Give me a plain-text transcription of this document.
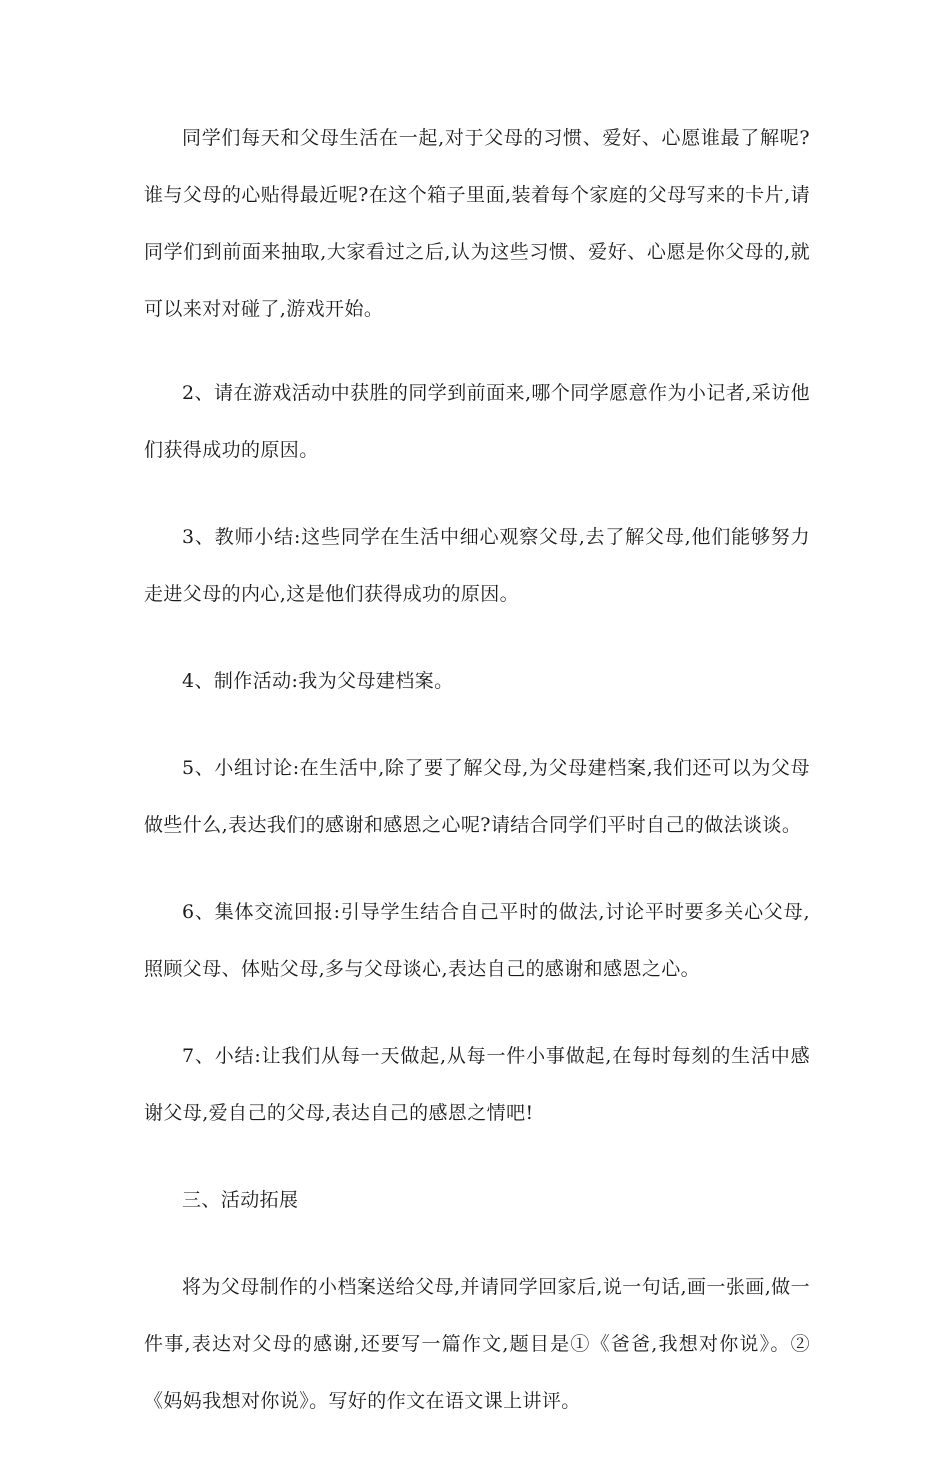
同学们每天和父母生活在一起,对于父母的习惯、爱好、心愿谁最了解呢?谁与父母的心贴得最近呢?在这个箱子里面,装着每个家庭的父母写来的卡片,请同学们到前面来抽取,大家看过之后,认为这些习惯、爱好、心愿是你父母的,就可以来对对碰了,游戏开始。

2、请在游戏活动中获胜的同学到前面来,哪个同学愿意作为小记者,采访他们获得成功的原因。

3、教师小结:这些同学在生活中细心观察父母,去了解父母,他们能够努力走进父母的内心,这是他们获得成功的原因。

4、制作活动:我为父母建档案。

5、小组讨论:在生活中,除了要了解父母,为父母建档案,我们还可以为父母做些什么,表达我们的感谢和感恩之心呢?请结合同学们平时自己的做法谈谈。

6、集体交流回报:引导学生结合自己平时的做法,讨论平时要多关心父母,照顾父母、体贴父母,多与父母谈心,表达自己的感谢和感恩之心。

7、小结:让我们从每一天做起,从每一件小事做起,在每时每刻的生活中感谢父母,爱自己的父母,表达自己的感恩之情吧!

三、活动拓展

将为父母制作的小档案送给父母,并请同学回家后,说一句话,画一张画,做一件事,表达对父母的感谢,还要写一篇作文,题目是①《爸爸,我想对你说》。②《妈妈我想对你说》。写好的作文在语文课上讲评。
